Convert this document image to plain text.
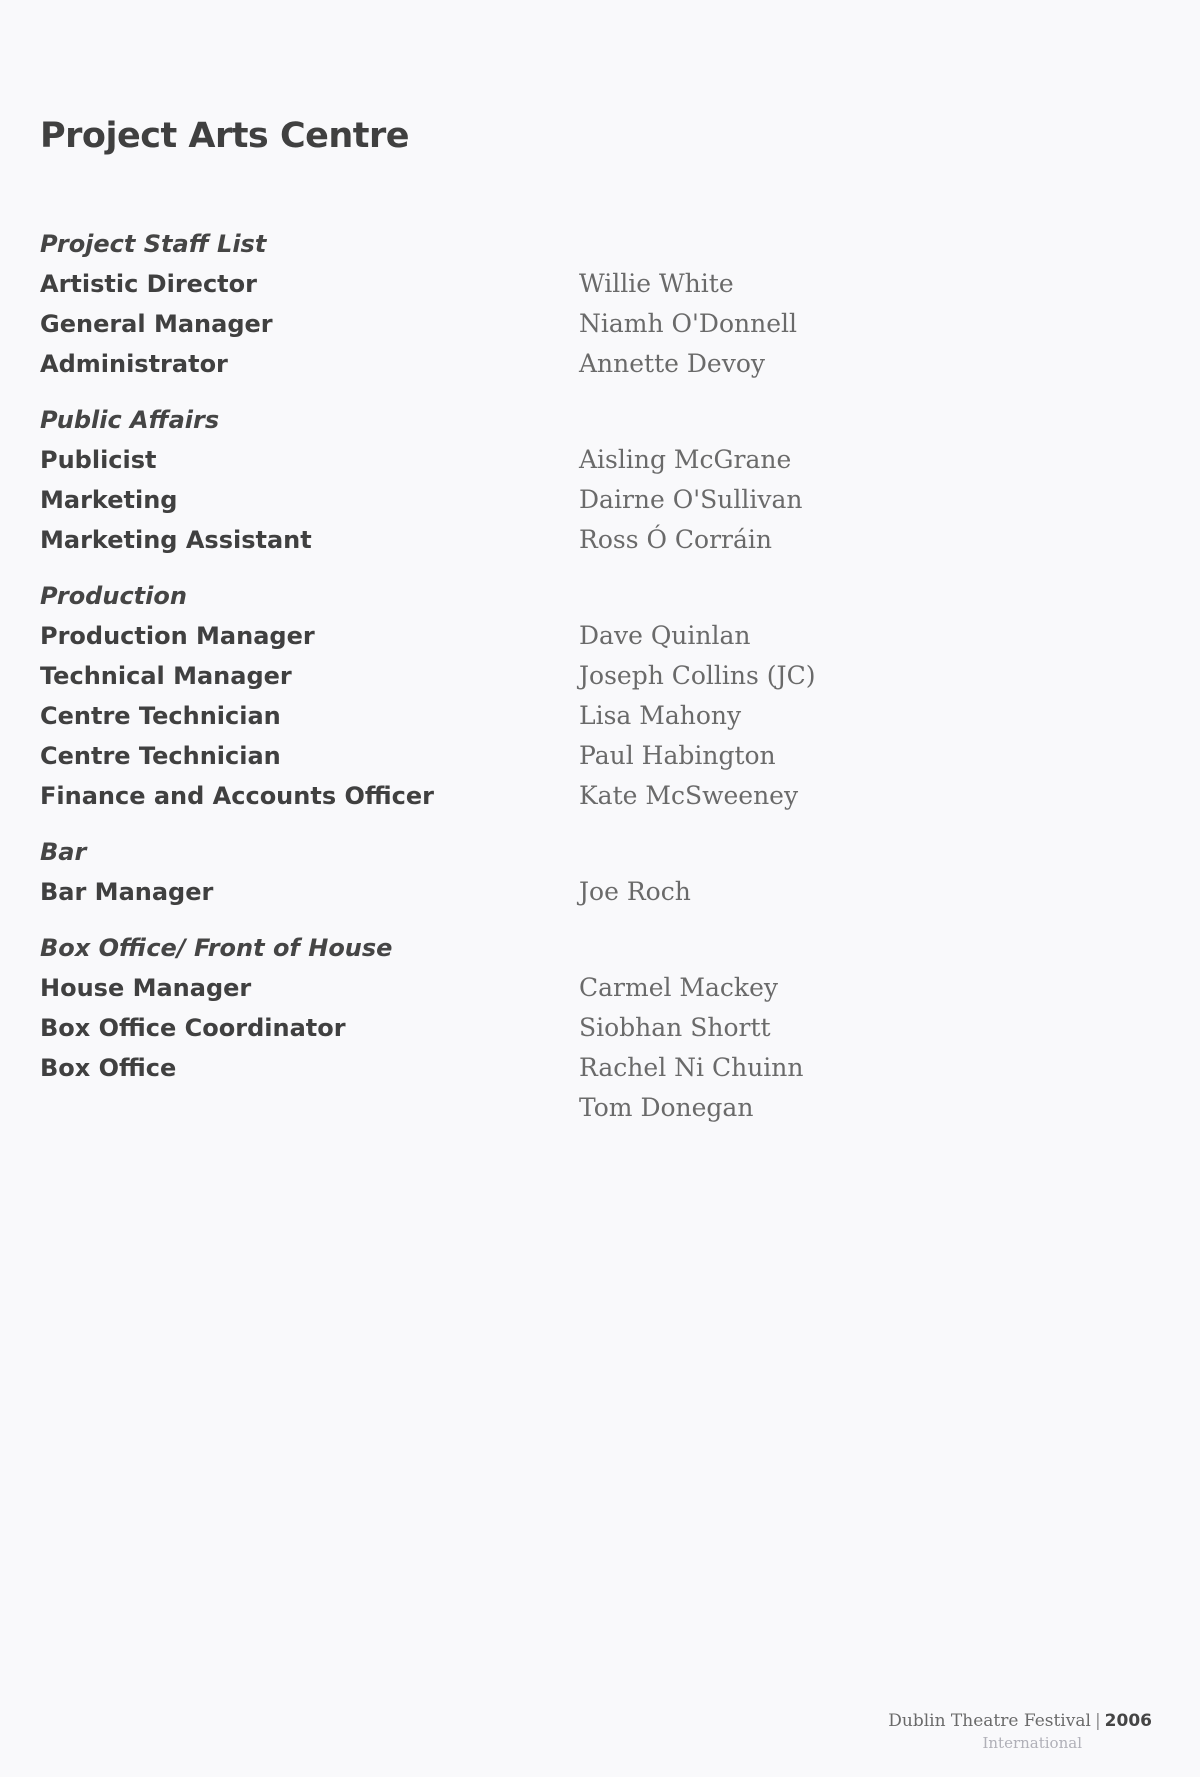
Project Arts Centre
Project Staff List
Artistic Director	Willie White
General Manager	Niamh O'Donnell
Administrator	Annette Devoy
Public Affairs
Publicist	Aisling McGrane
Marketing	Dairne O'Sullivan
Marketing Assistant	Ross Ó Corráin
Production
Production Manager	Dave Quinlan
Technical Manager	Joseph Collins (JC)
Centre Technician	Lisa Mahony
Centre Technician	Paul Habington
Finance and Accounts Officer	Kate McSweeney
Bar
Bar Manager	Joe Roch
Box Office/ Front of House
House Manager	Carmel Mackey
Box Office Coordinator	Siobhan Shortt
Box Office	Rachel Ni Chuinn
Tom Donegan
Dublin Theatre Festival | 2006
International
